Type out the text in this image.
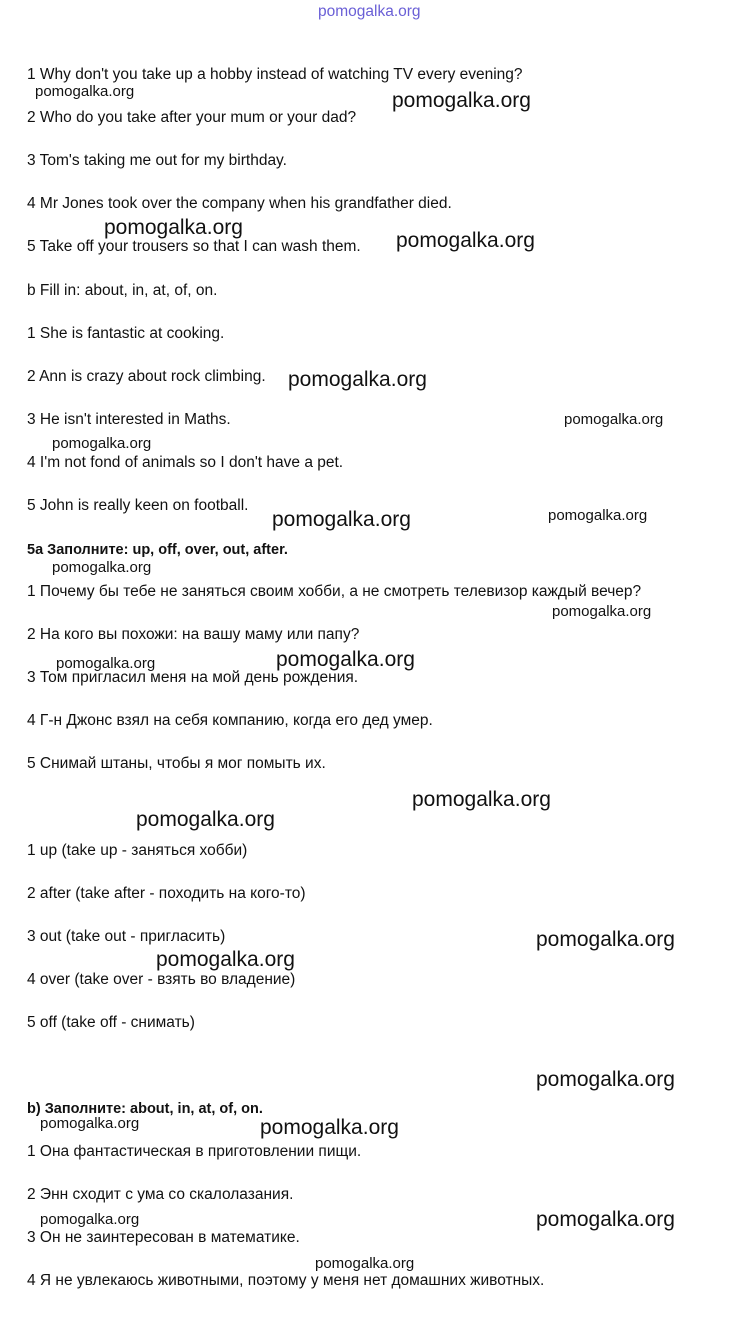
pomogalka.org
1 Why don't you take up a hobby instead of watching TV every evening?
2 Who do you take after your mum or your dad?
3 Tom's taking me out for my birthday.
4 Mr Jones took over the company when his grandfather died.
5 Take off your trousers so that I can wash them.
b Fill in: about, in, at, of, on.
1 She is fantastic at cooking.
2 Ann is crazy about rock climbing.
3 He isn't interested in Maths.
4 I'm not fond of animals so I don't have a pet.
5 John is really keen on football.
5a Заполните: up, off, over, out, after.
1 Почему бы тебе не заняться своим хобби, а не смотреть телевизор каждый вечер?
2 На кого вы похожи: на вашу маму или папу?
3 Том пригласил меня на мой день рождения.
4 Г-н Джонс взял на себя компанию, когда его дед умер.
5 Снимай штаны, чтобы я мог помыть их.
1 up (take up - заняться хобби)
2 after (take after - походить на кого-то)
3 out (take out - пригласить)
4 over (take over - взять во владение)
5 off (take off - снимать)
b) Заполните: about, in, at, of, on.
1 Она фантастическая в приготовлении пищи.
2 Энн сходит с ума со скалолазания.
3 Он не заинтересован в математике.
4 Я не увлекаюсь животными, поэтому у меня нет домашних животных.
pomogalka.org	pomogalka.org
pomogalka.org
pomogalka.org
pomogalka.org
pomogalka.org
pomogalka.org
pomogalka.org	pomogalka.org
pomogalka.org
pomogalka.org
pomogalka.org	pomogalka.org
pomogalka.org
pomogalka.org
pomogalka.org
pomogalka.org
pomogalka.org
pomogalka.org	pomogalka.org
pomogalka.org	pomogalka.org
pomogalka.org
